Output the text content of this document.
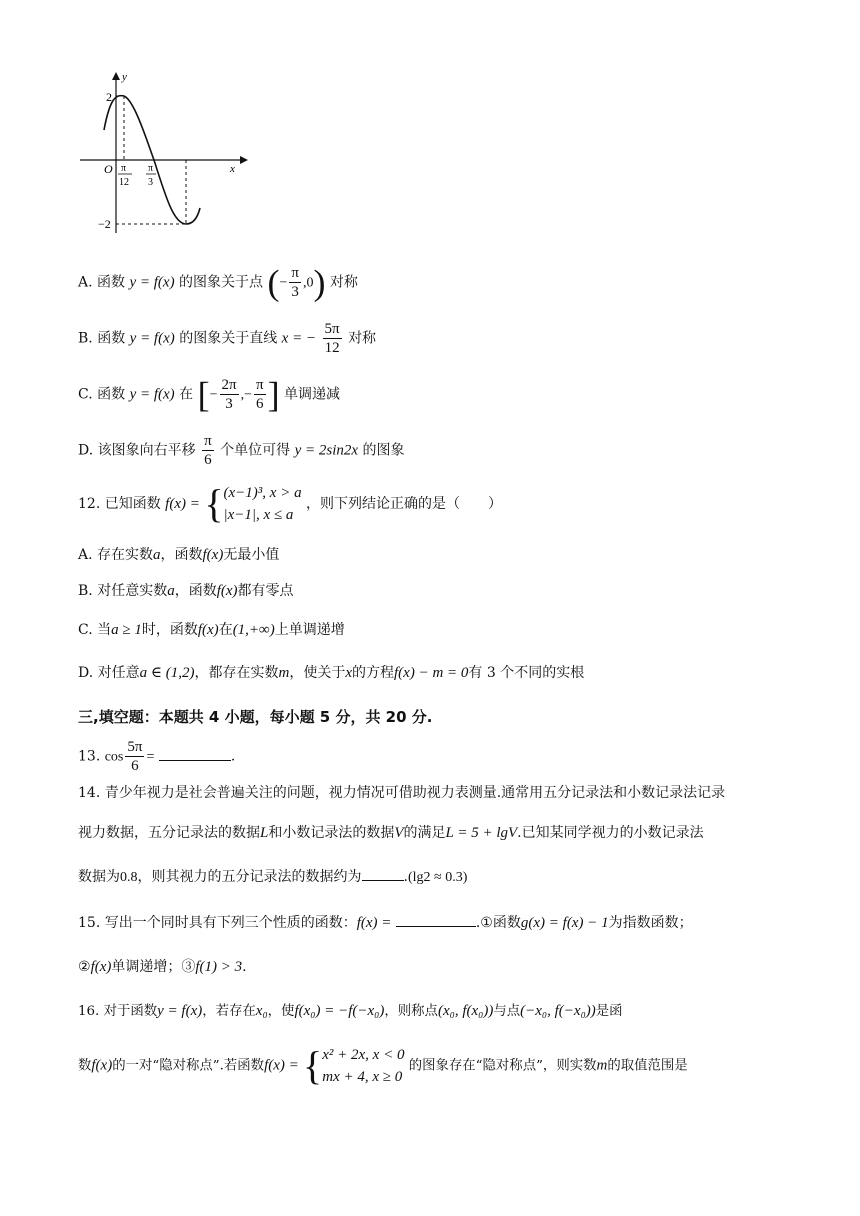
y
x
O
2
−2
π
12
π
3
A. 函数 y = f(x) 的图象关于点 (− $\frac{\pi}{3} ,0$) 对称
B. 函数 y = f(x) 的图象关于直线 x = − $\frac{5\pi}{12}$ 对称
C. 函数 y = f(x) 在 [− $\frac{2\pi}{3}$ ,− $\frac{\pi}{6}$ ] 单调递减
D. 该图象向右平移 $\frac{\pi}{6}$ 个单位可得 y = 2sin2x 的图象
12. 已知函数 f(x) = { (x−1)³, x > a
|x−1|, x ≤ a
，则下列结论正确的是（　　）
A. 存在实数a，函数f(x)无最小值
B. 对任意实数a，函数f(x)都有零点
C. 当a ≥ 1时，函数f(x)在(1,+∞)上单调递增
D. 对任意a ∈ (1,2)，都存在实数m，使关于x的方程f(x) − m = 0有 3 个不同的实根
三,填空题：本题共 4 小题，每小题 5 分，共 20 分.
13. $\cos \frac{5\pi}{6}$ =	.
14. 青少年视力是社会普遍关注的问题，视力情况可借助视力表测量.通常用五分记录法和小数记录法记录
视力数据，五分记录法的数据L和小数记录法的数据V的满足L = 5 + lgV.已知某同学视力的小数记录法
数据为0.8，则其视力的五分记录法的数据约为	.(lg2 ≈ 0.3)
15. 写出一个同时具有下列三个性质的函数：f(x) =	.①函数g(x) = f(x) − 1为指数函数；
②f(x)单调递增；③f(1) > 3.
16. 对于函数y = f(x)，若存在x₀，使f(x₀) = −f(−x₀)，则称点(x₀, f(x₀))与点(−x₀, f(−x₀))是函
数f(x)的一对“隐对称点”.若函数f(x) = { x² + 2x, x < 0
mx + 4, x ≥ 0
的图象存在“隐对称点”，则实数m的取值范围是
